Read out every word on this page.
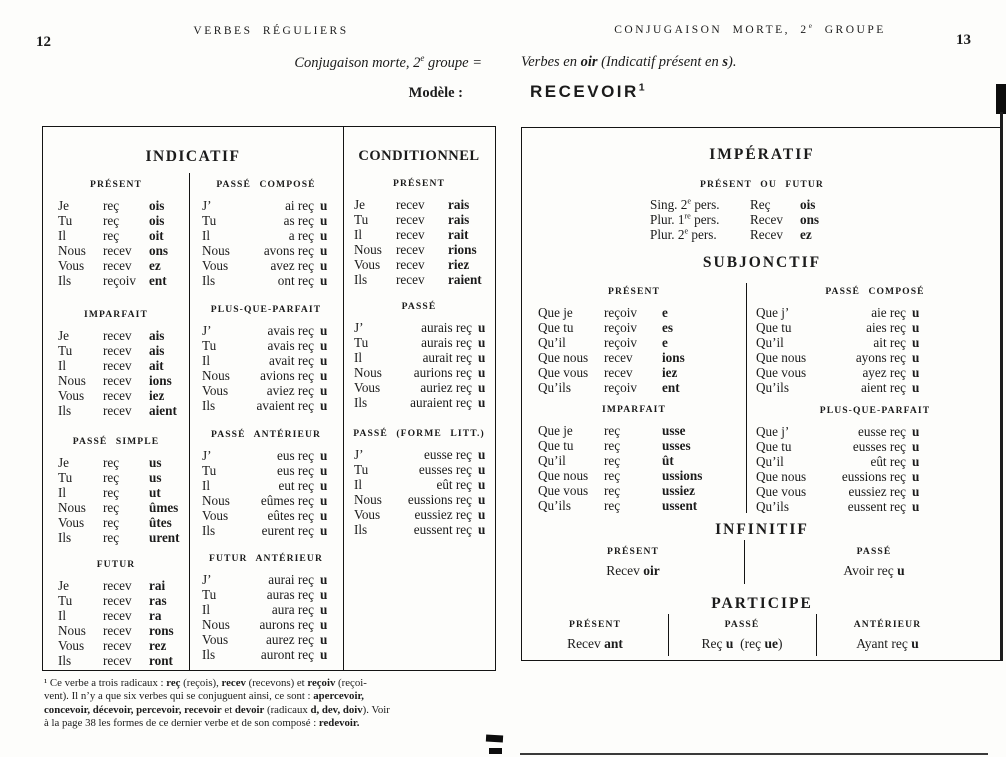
12
VERBES RÉGULIERS
Conjugaison morte, 2e groupe =
Modèle :
INDICATIF	CONDITIONNEL
PRÉSENT
Je	reç	ois
Tu	reç	ois
Il	reç	oit
Nous	recev	ons
Vous	recev	ez
Ils	reçoiv ent
IMPARFAIT
Je	recev	ais
Tu	recev	ais
Il	recev	ait
Nous	recev	ions
Vous	recev	iez
Ils	recev	aient
PASSÉ SIMPLE
Je	reç	us
Tu	reç	us
Il	reç	ut
Nous	reç	ûmes
Vous	reç	ûtes
Ils	reç	urent
FUTUR
Je	recev	rai
Tu	recev	ras
Il	recev	ra
Nous	recev	rons
Vous	recev	rez
Ils	recev	ront
PASSÉ COMPOSÉ
J’	ai reç u
Tu	as reç u
Il	a reç u
Nous	avons reç u
Vous	avez reç u
Ils	ont reç u
PLUS-QUE-PARFAIT
J’	avais reç u
Tu	avais reç u
Il	avait reç u
Nous	avions reç u
Vous	aviez reç u
Ils	avaient reç u
PASSÉ ANTÉRIEUR
J’	eus reç u
Tu	eus reç u
Il	eut reç u
Nous	eûmes reç u
Vous	eûtes reç u
Ils	eurent reç u
FUTUR ANTÉRIEUR
J’	aurai reç u
Tu	auras reç u
Il	aura reç u
Nous	aurons reç u
Vous	aurez reç u
Ils	auront reç u
PRÉSENT
Je	recev	rais
Tu	recev	rais
Il	recev	rait
Nous	recev	rions
Vous	recev	riez
Ils	recev	raient
PASSÉ
J’	aurais reç u
Tu	aurais reç u
Il	aurait reç u
Nous	aurions reç u
Vous	auriez reç u
Ils	auraient reç u
PASSÉ (FORME LITT.)
J’	eusse reç u
Tu	eusses reç u
Il	eût reç u
Nous	eussions reç u
Vous	eussiez reç u
Ils	eussent reç u
¹ Ce verbe a trois radicaux : reç (reçois), recev (recevons) et reçoiv (reçoi-
vent). Il n’y a que six verbes qui se conjuguent ainsi, ce sont : apercevoir,
concevoir, décevoir, percevoir, recevoir et devoir (radicaux d, dev, doiv). Voir
à la page 38 les formes de ce dernier verbe et de son composé : redevoir.
CONJUGAISON MORTE, 2e GROUPE
13
Verbes en oir (Indicatif présent en s).
RECEVOIR$^1$
IMPÉRATIF
PRÉSENT OU FUTUR
Sing. 2e pers.	Reç	ois
Plur. 1re pers.	Recev	ons
Plur. 2e pers.	Recev	ez
SUBJONCTIF
PRÉSENT
Que je	reçoiv	e
Que tu	reçoiv	es
Qu’il	reçoiv	e
Que nous	recev	ions
Que vous	recev	iez
Qu’ils	reçoiv	ent
IMPARFAIT
Que je	reç	usse
Que tu	reç	usses
Qu’il	reç	ût
Que nous	reç	ussions
Que vous	reç	ussiez
Qu’ils	reç	ussent
PASSÉ COMPOSÉ
Que j’	aie reç u
Que tu	aies reç u
Qu’il	ait reç u
Que nous	ayons reç u
Que vous	ayez reç u
Qu’ils	aient reç u
PLUS-QUE-PARFAIT
Que j’	eusse reç u
Que tu	eusses reç u
Qu’il	eût reç u
Que nous	eussions reç u
Que vous	eussiez reç u
Qu’ils	eussent reç u
INFINITIF
PRÉSENT
Recev oir
PASSÉ
Avoir reç u
PARTICIPE
PRÉSENT
Recev ant
PASSÉ
Reç u  (reç ue)
ANTÉRIEUR
Ayant reç u
